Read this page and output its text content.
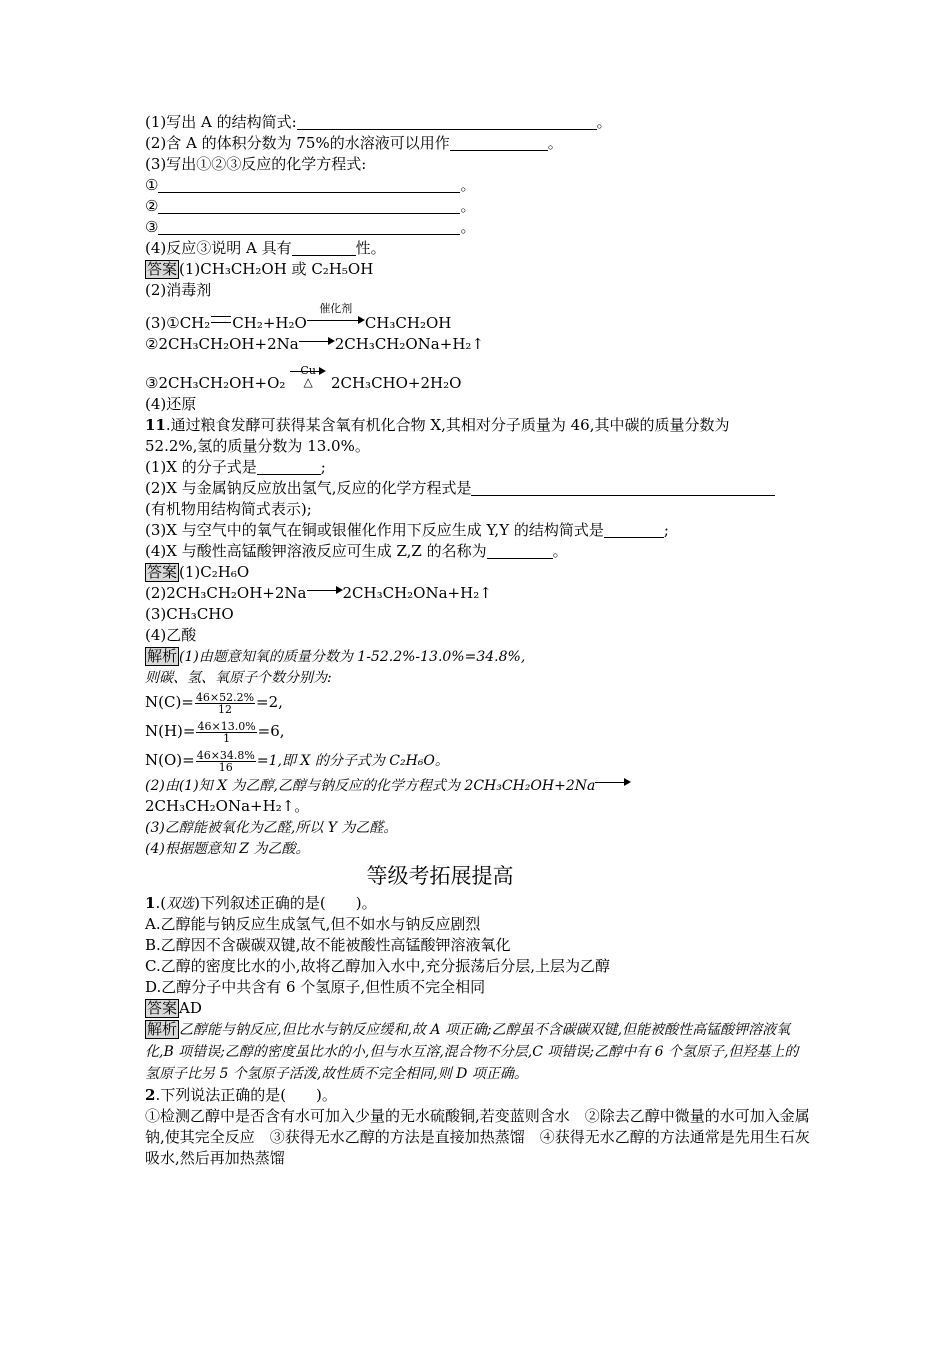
(1)写出 A 的结构简式:	。
(2)含 A 的体积分数为 75%的水溶液可以用作	。
(3)写出①②③反应的化学方程式:
①	。
②	。
③	。
(4)反应③说明 A 具有	性。
答案 (1)CH₃CH₂OH 或 C₂H₅OH
(2)消毒剂
(3)①CH₂ CH₂+H₂O
催化剂
CH₃CH₂OH
②2CH₃CH₂OH+2Na 2CH₃CH₂ONa+H₂↑
③2CH₃CH₂OH+O₂
Cu
△	2CH₃CHO+2H₂O
(4)还原
11.通过粮食发酵可获得某含氧有机化合物 X,其相对分子质量为 46,其中碳的质量分数为
52.2%,氢的质量分数为 13.0%。
(1)X 的分子式是	;
(2)X 与金属钠反应放出氢气,反应的化学方程式是
(有机物用结构简式表示);
(3)X 与空气中的氧气在铜或银催化作用下反应生成 Y,Y 的结构简式是	;
(4)X 与酸性高锰酸钾溶液反应可生成 Z,Z 的名称为	。
答案 (1)C₂H₆O
(2)2CH₃CH₂OH+2Na 2CH₃CH₂ONa+H₂↑
(3)CH₃CHO
(4)乙酸
解析 (1)由题意知氧的质量分数为 1-52.2%-13.0%=34.8%,
则碳、氢、氧原子个数分别为:
$N(C)= \frac{46\times 52.2\%}{12} =2$,
$N(H)= \frac{46\times 13.0\%}{1} =6$,
$N(O)= \frac{46\times 34.8\%}{16} =1$,即 X 的分子式为 C₂H₆O。
(2)由(1)知 X 为乙醇,乙醇与钠反应的化学方程式为 2CH₃CH₂OH+2Na
2CH₃CH₂ONa+H₂↑。
(3)乙醇能被氧化为乙醛,所以 Y 为乙醛。
(4)根据题意知 Z 为乙酸。
等级考拓展提高
1.(双选)下列叙述正确的是(　　)。
A.乙醇能与钠反应生成氢气,但不如水与钠反应剧烈
B.乙醇因不含碳碳双键,故不能被酸性高锰酸钾溶液氧化
C.乙醇的密度比水的小,故将乙醇加入水中,充分振荡后分层,上层为乙醇
D.乙醇分子中共含有 6 个氢原子,但性质不完全相同
答案 AD
解析 乙醇能与钠反应,但比水与钠反应缓和,故 A 项正确;乙醇虽不含碳碳双键,但能被酸性高锰酸钾溶液氧化,B 项错误;乙醇的密度虽比水的小,但与水互溶,混合物不分层,C 项错误;乙醇中有 6 个氢原子,但羟基上的氢原子比另 5 个氢原子活泼,故性质不完全相同,则 D 项正确。
2.下列说法正确的是(　　)。
①检测乙醇中是否含有水可加入少量的无水硫酸铜,若变蓝则含水　②除去乙醇中微量的水可加入金属钠,使其完全反应　③获得无水乙醇的方法是直接加热蒸馏　④获得无水乙醇的方法通常是先用生石灰吸水,然后再加热蒸馏
